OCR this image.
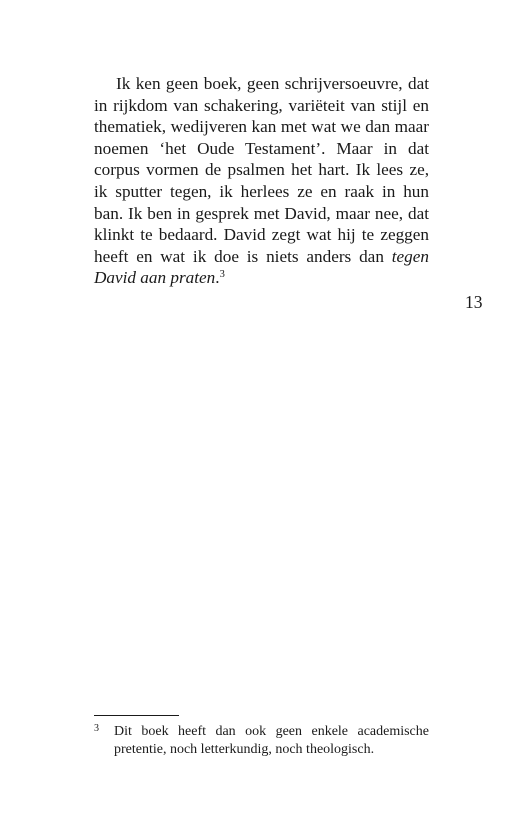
Ik ken geen boek, geen schrijversoeuvre, dat in rijkdom van schakering, variëteit van stijl en thematiek, wedijveren kan met wat we dan maar noemen ‘het Oude Testament’. Maar in dat corpus vormen de psalmen het hart. Ik lees ze, ik sputter tegen, ik herlees ze en raak in hun ban. Ik ben in gesprek met David, maar nee, dat klinkt te bedaard. David zegt wat hij te zeggen heeft en wat ik doe is niets anders dan tegen David aan praten.$^3$

13
3 Dit boek heeft dan ook geen enkele academische pretentie, noch letterkundig, noch theologisch.
